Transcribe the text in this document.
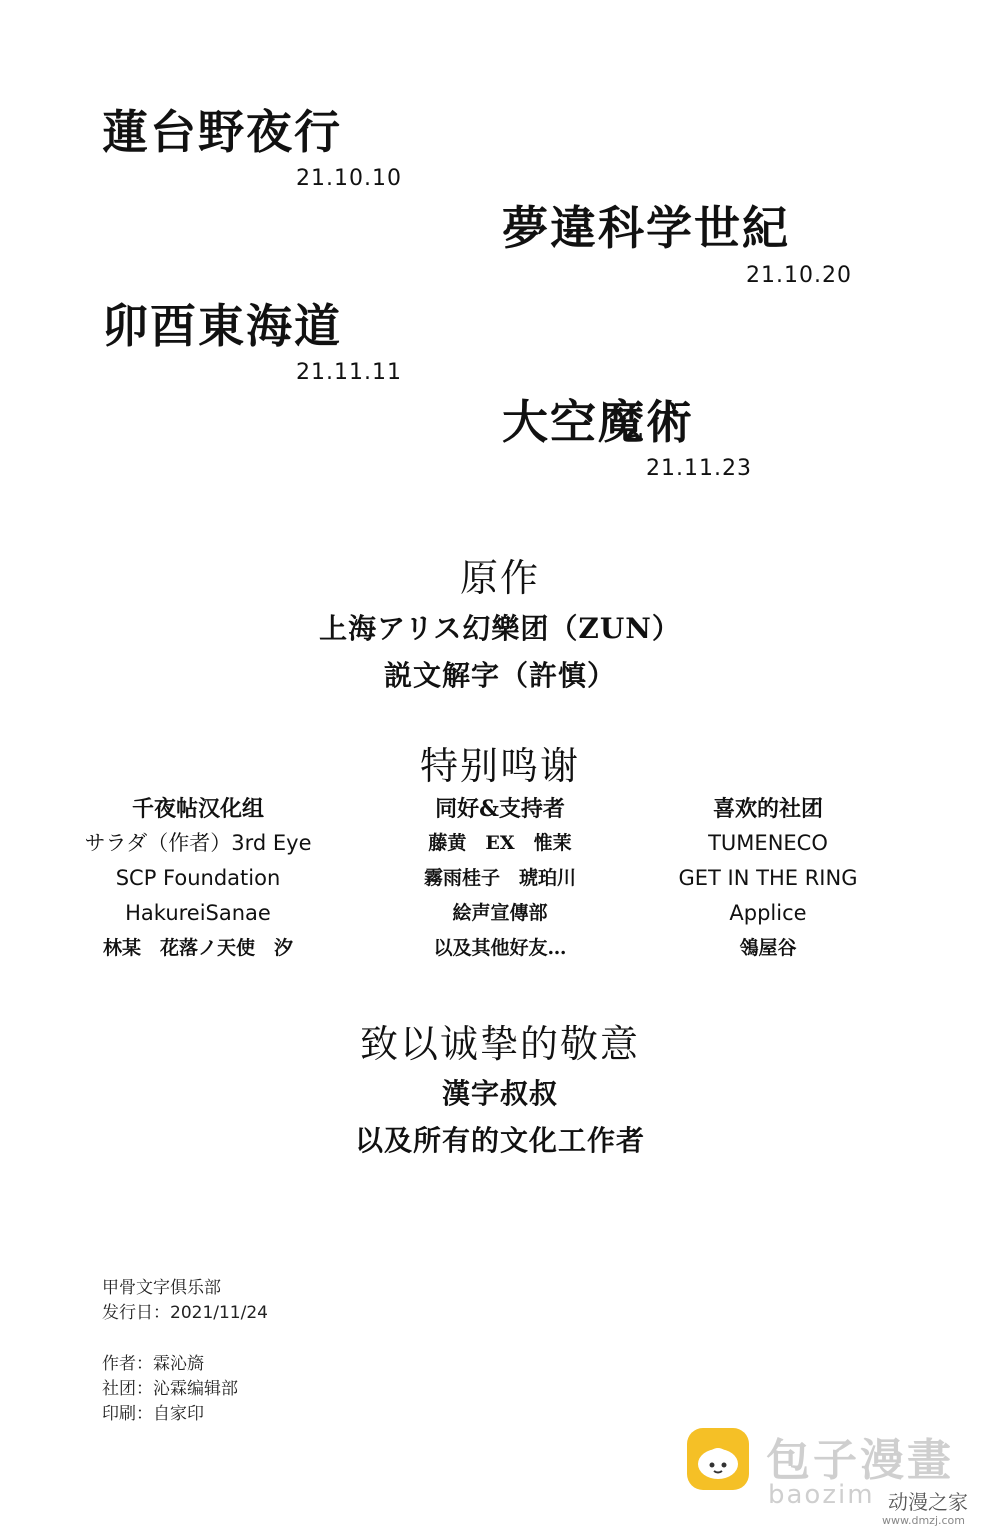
蓮台野夜行
21.10.10
夢違科学世紀
21.10.20
卯酉東海道
21.11.11
大空魔術
21.11.23
原作
上海アリス幻樂团（ZUN）
説文解字（許慎）
特别鸣谢
千夜帖汉化组
サラダ（作者）3rd Eye
SCP Foundation
HakureiSanae
林某　花落ノ天使　汐
同好&支持者
藤黄　EX　惟茉
霧雨桂子　琥珀川
絵声宣傳部
以及其他好友…
喜欢的社团
TUMENECO
GET IN THE RING
Applice
鴒屋谷
致以诚挚的敬意
漢字叔叔
以及所有的文化工作者
甲骨文字俱乐部
发行日：2021/11/24
作者：霖沁旖
社团：沁霖编辑部
印刷：自家印
包子漫畫
baozim 动漫之家
www.dmzj.com
